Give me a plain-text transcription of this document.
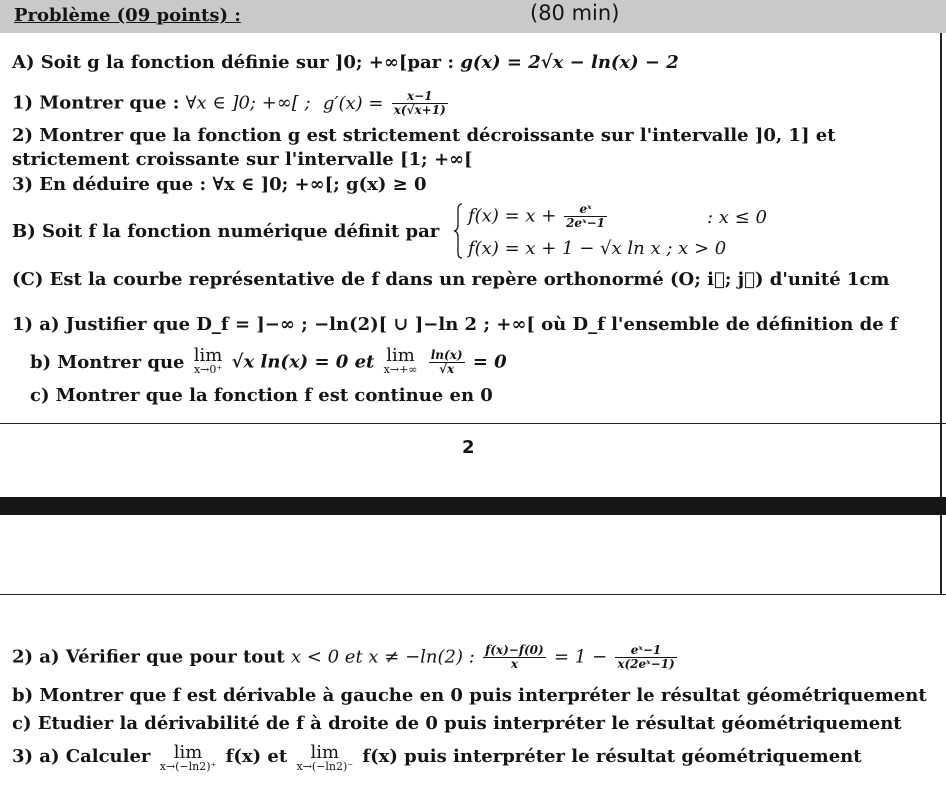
Problème (09 points) :	(80 min)
A) Soit g la fonction définie sur ]0; +∞[par : g(x) = 2√x − ln(x) − 2
1) Montrer que : ∀x ∈ ]0; +∞[ ; $g'(x) = \frac{x-1}{x(√x+1)}$
2) Montrer que la fonction g est strictement décroissante sur l'intervalle ]0, 1] et
strictement croissante sur l'intervalle [1; +∞[
3) En déduire que : ∀x ∈ ]0; +∞[; g(x) ≥ 0
B) Soit f la fonction numérique définit par
$f(x) = x + \frac{\text{eˣ}}{\text{2eˣ−1}}$	: x ≤ 0
f(x) = x + 1 − √x ln x ; x > 0
(C) Est la courbe représentative de f dans un repère orthonormé (O; i⃗; j⃗) d'unité 1cm
1) a) Justifier que D_f = ]−∞ ; −ln(2)[ ∪ ]−ln 2 ; +∞[ où D_f l'ensemble de définition de f
b) Montrer que lim
x→0⁺ √x ln(x) = 0 et lim
x→+∞
$\frac{\ln(x)}{√x} = 0$
c) Montrer que la fonction f est continue en 0
2
2) a) Vérifier que pour tout x < 0 et x ≠ −ln(2) : $\frac{f(x)-f(0)}{x} = 1 - \frac{\text{eˣ−1}}{\text{x(2eˣ−1)}}$
b) Montrer que f est dérivable à gauche en 0 puis interpréter le résultat géométriquement
c) Etudier la dérivabilité de f à droite de 0 puis interpréter le résultat géométriquement
3) a) Calculer	lim
x→(−ln2)⁺ f(x) et	lim
x→(−ln2)⁻ f(x) puis interpréter le résultat géométriquement
